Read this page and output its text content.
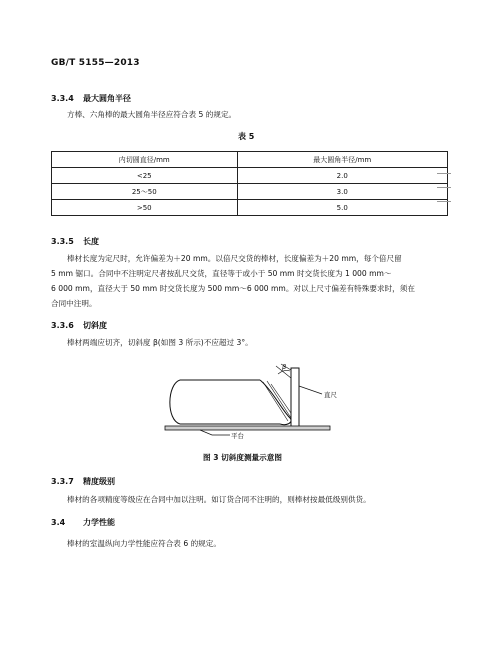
GB/T 5155—2013
3.3.4 最大圆角半径
方棒、六角棒的最大圆角半径应符合表 5 的规定。
表 5
内切圆直径/mm	最大圆角半径/mm
<25	2.0
25～50	3.0
>50	5.0
3.3.5 长度
棒材长度为定尺时，允许偏差为＋20 mm。以倍尺交货的棒材，长度偏差为＋20 mm，每个倍尺留
5 mm 锯口。合同中不注明定尺者按乱尺交货，直径等于或小于 50 mm 时交货长度为 1 000 mm～
6 000 mm，直径大于 50 mm 时交货长度为 500 mm～6 000 mm。对以上尺寸偏差有特殊要求时，须在
合同中注明。
3.3.6 切斜度
棒材两端应切齐，切斜度 β(如图 3 所示)不应超过 3°。
β
直尺
平台
图 3 切斜度测量示意图
3.3.7 精度级别
棒材的各项精度等级应在合同中加以注明。如订货合同不注明的，则棒材按最低级别供货。
3.4 力学性能
棒材的室温纵向力学性能应符合表 6 的规定。
